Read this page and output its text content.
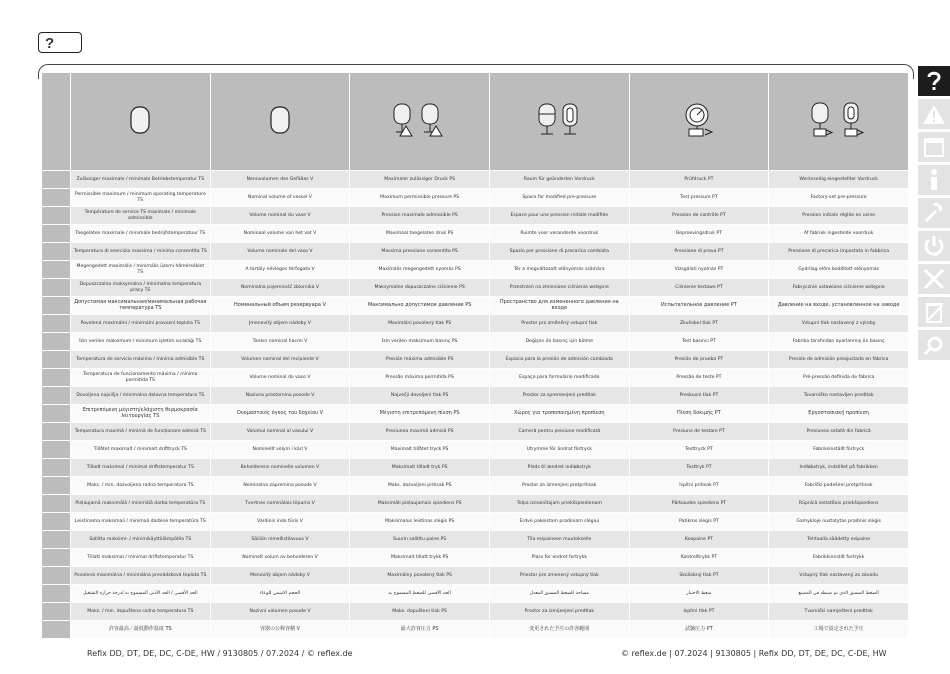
?

	Zulässiger maximale / minimale Betriebstemperatur TS	Nennvolumen des Gefäßes V	Maximaler zulässiger Druck PS	Raum für geänderten Vordruck	Prüfdruck PT	Werksseitig eingestellter Vordruck
	Permissible maximum / minimum operating temperature TS	Nominal volume of vessel V	Maximum permissible pressure PS	Space for modified pre-pressure	Test pressure PT	Factory-set pre-pressure
	Température de service TS maximale / minimale admissible	Volume nominal du vase V	Pression maximale admissible PS	Espace pour une pression initiale modifiée	Pression de contrôle PT	Pression initiale réglée en usine
	Toegelaten maximale / minimale bedrijfstemperatuur TS	Nominaal volume van het vat V	Maximaal toegelaten druk PS	Ruimte voor veranderde voordruk	Beproevingsdruk PT	Af fabriek ingestelde voordruk
	Temperatura di esercizio massima / minima consentita TS	Volume nominale del vaso V	Massima pressione consentita PS	Spazio per pressione di precarica cambiata	Pressione di prova PT	Pressione di precarica impostata in fabbrica
	Megengedett maximális / minimális üzemi hőmérséklet TS	A tartály névleges térfogata V	Maximális megengedett nyomás PS	Tér a megváltozott előnyomás számára	Vizsgálati nyomás PT	Gyárilag előre beállított előnyomás
	Dopuszczalna maksymalna / minimalna temperatura pracy TS	Nominalna pojemność zbiornika V	Maksymalne dopuszczalne ciśnienie PS	Przestrzeń na zmienione ciśnienie wstępne	Ciśnienie testowe PT	Fabrycznie ustawione ciśnienie wstępne
	Допустимая максимальная/минимальная рабочая температура TS	Номинальный объем резервуара V	Максимально допустимое давление PS	Пространство для измененного давления на входе	Испытательное давление PT	Давление на входе, установленное на заводе
	Povolená maximální / minimální provozní teplota TS	Jmenovitý objem nádoby V	Maximální povolený tlak PS	Prostor pro změněný vstupní tlak	Zkušební tlak PT	Vstupní tlak nastavený z výroby
	İzin verilen maksimum / minimum işletim sıcaklığı TS	Tankın nominal hacmi V	İzin verilen maksimum basınç PS	Değişen ön basınç için bölme	Test basıncı PT	Fabrika tarafından ayarlanmış ön basınç
	Temperatura de servicio máxima / mínima admisible TS	Volumen nominal del recipiente V	Presión máxima admisible PS	Espacio para la presión de admisión cambiada	Presión de prueba PT	Presión de admisión preajustada en fábrica
	Temperatura de funcionamento máxima / mínima permitida TS	Volume nominal do vaso V	Pressão máxima permitida PS	Espaço para formulário modificado	Pressão de teste PT	Pré-pressão definida de fábrica
	Dovoljena najvišja / minimalna delovna temperatura TS	Nazivna prostornina posode V	Največji dovoljeni tlak PS	Prostor za spremenjeni predtlak	Preskusni tlak PT	Tovarniško nastavljen predtlak
	Επιτρεπόμενη μέγιστη/ελάχιστη θερμοκρασία λειτουργίας TS	Ονομαστικός όγκος του δοχείου V	Μέγιστη επιτρεπόμενη πίεση PS	Χώρος για τροποποιημένη προπίεση	Πίεση δοκιμής PT	Εργοστασιακή προπίεση
	Temperatura maximă / minimă de funcționare admisă TS	Volumul nominal al vasului V	Presiunea maximă admisă PS	Cameră pentru presiune modificată	Presiune de testare PT	Presiunea setată din fabrică
	Tillåtet maximalt / minimalt drifttryck TS	Nominellt volym i kärl V	Maximalt tillåtet tryck PS	Utrymme för ändrat förtryck	Testtryck PT	Fabriksinställt förtryck
	Tilladt maksimal / minimal driftstemperatur TS	Beholderens nominelle volumen V	Maksimalt tilladt tryk PS	Plads til ændret indløbstryk	Testtryk PT	Indløbstryk, indstillet på fabrikken
	Maks. / min. dozvoljena radna temperatura TS	Nominalna zapremina posude V	Maks. dozvoljeni pritisak PS	Prostor za izmenjeni pretpritisak	Ispitni pritisak PT	Fabrički podešeni pretpritisak
	Pieļaujamā maksimālā / minimālā darba temperatūra TS	Tvertnes nominālais tilpums V	Maksimāli pieļaujamais spiediens PS	Telpa izmainītajam priekšspiedienam	Pārbaudes spiediens PT	Rūpnīcā iestatītais priekšspiediens
	Leistinama maksimali / minimali darbinė temperatūra TS	Vardinis indo tūris V	Maksimalus leistinas slėgis PS	Erdvė pakeistam pradiniam slėgiui	Patikros slėgis PT	Gamykloje nustatytas pradinis slėgis
	Sallittu maksimi- / minimikäyttölämpötila TS	Säiliön nimellistilavuus V	Suurin sallittu paine PS	Tila esipaineen muutokselle	Koepaine PT	Tehtaalla säädetty esipaine
	Tillatt maksimal / minimal driftstemperatur TS	Nominelt volum av beholderen V	Maksimalt tillatt trykk PS	Plass for endret fortrykk	Kontrolltrykk PT	Fabrikkinnstilt fortrykk
	Povolená maximálna / minimálna prevádzková teplota TS	Menovitý objem nádoby V	Maximálny povolený tlak PS	Priestor pre zmenený vstupný tlak	Skúšobný tlak PT	Vstupný tlak nastavený zo závodu
	الحد الأقصى / الحد الأدنى المسموح به لدرجة حرارة التشغيل	الحجم الاسمي للوعاء	الحد الأقصى للضغط المسموح به	مساحة للضغط المسبق المعدل	ضغط الاختبار	الضغط المسبق الذي تم ضبطه في المصنع
	Maks. / min. dopuštena radna temperatura TS	Nazivni volumen posude V	Maks. dopušteni tlak PS	Prostor za izmijenjeni predtlak	Ispitni tlak PT	Tvornički namješteni predtlak
	許容最高／最低動作温度 TS	容器の公称容積 V	最大許容圧力 PS	変更された予圧の許容範囲	試験圧力 PT	工場で設定された予圧
Refix DD, DT, DE, DC, C-DE, HW / 9130805 / 07.2024 / © reflex.de	© reflex.de | 07.2024 | 9130805 | Refix DD, DT, DE, DC, C-DE, HW
